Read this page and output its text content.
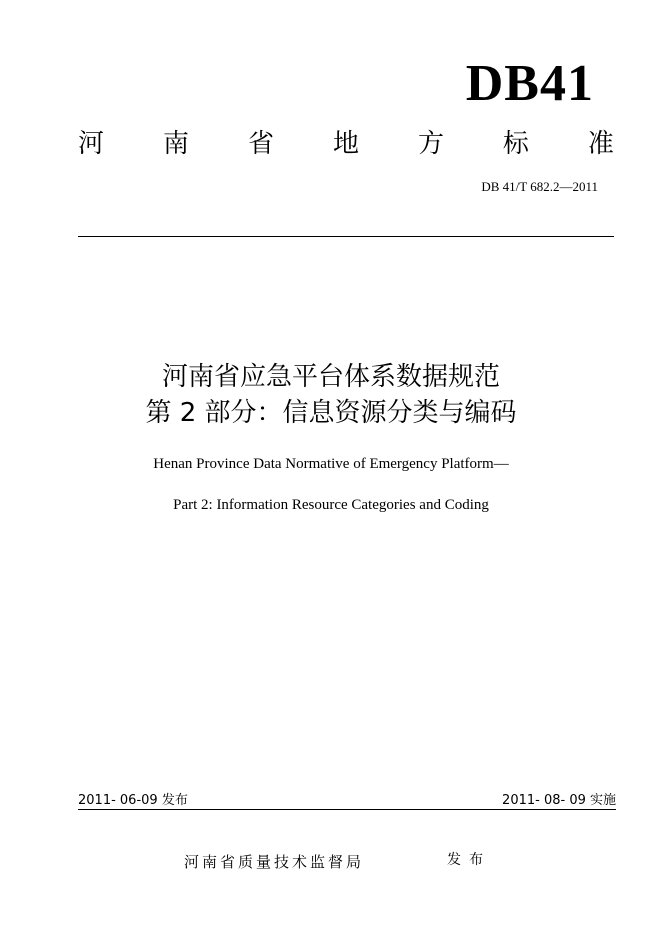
DB41
河 南 省 地 方 标 准
DB 41/T 682.2—2011
河南省应急平台体系数据规范
第 2 部分：信息资源分类与编码
Henan Province Data Normative of Emergency Platform—
Part 2: Information Resource Categories and Coding
2011- 06-09 发布	2011- 08- 09 实施
河南省质量技术监督局	发布
